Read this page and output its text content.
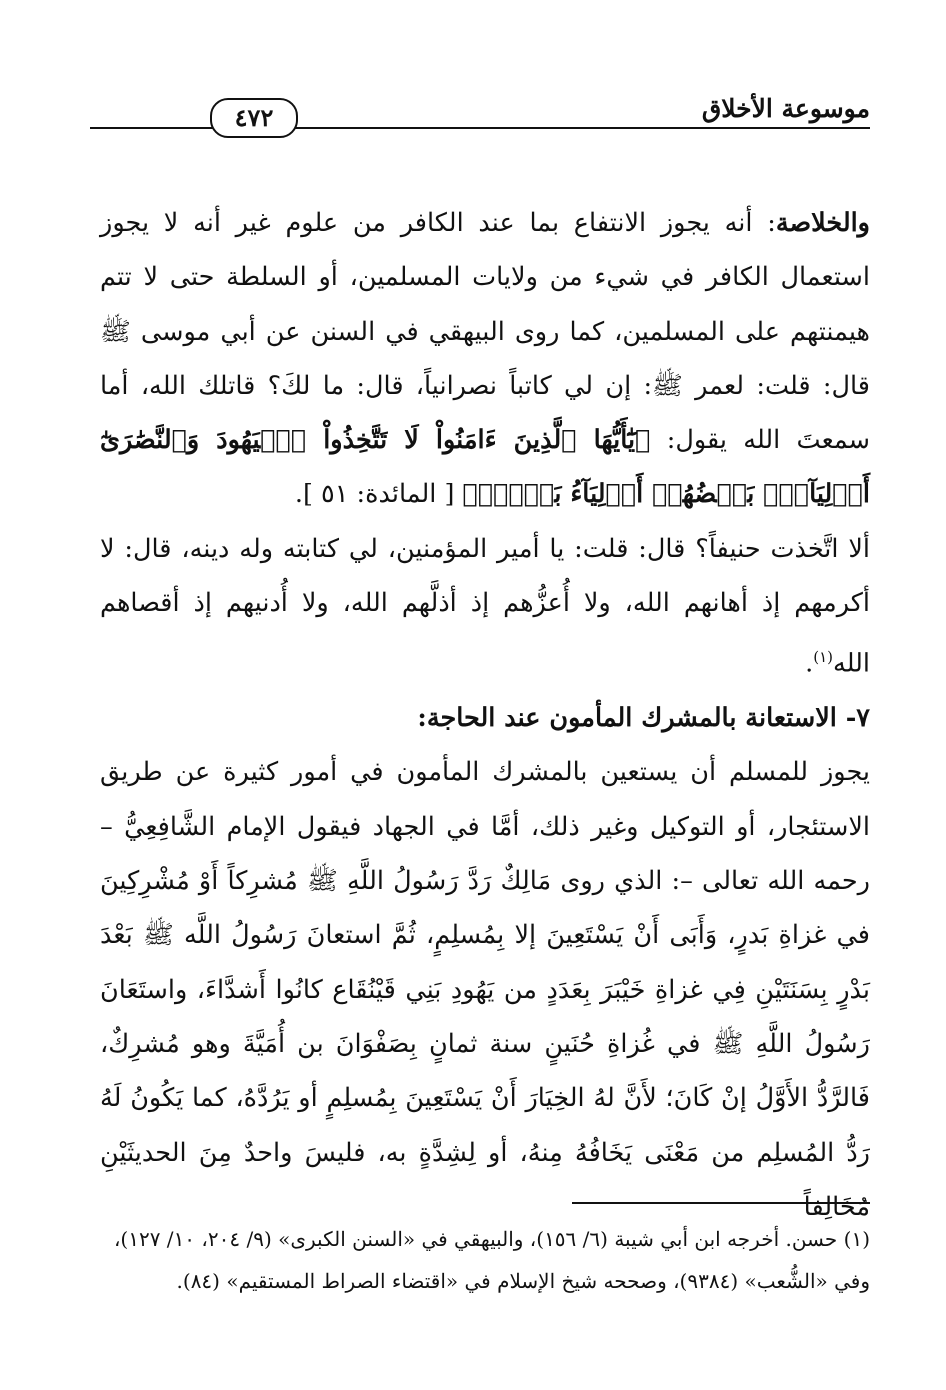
موسوعة الأخلاق
٤٧٢

والخلاصة: أنه يجوز الانتفاع بما عند الكافر من علوم غير أنه لا يجوز استعمال الكافر في شيء من ولايات المسلمين، أو السلطة حتى لا تتم هيمنتهم على المسلمين، كما روى البيهقي في السنن عن أبي موسى ﷺ قال: قلت: لعمر ﷺ: إن لي كاتباً نصرانياً، قال: ما لكَ؟ قاتلك الله، أما سمعتَ الله يقول: ﴿يَٰٓأَيُّهَا ٱلَّذِينَ ءَامَنُواْ لَا تَتَّخِذُواْ ٱلۡيَهُودَ وَٱلنَّصَٰرَىٰٓ أَوۡلِيَآءَۘ بَعۡضُهُمۡ أَوۡلِيَآءُ بَعۡضٖۚ﴾ [ المائدة: ٥١ ].

ألا اتَّخذت حنيفاً؟ قال: قلت: يا أمير المؤمنين، لي كتابته وله دينه، قال: لا أكرمهم إذ أهانهم الله، ولا أُعزُّهم إذ أذلَّهم الله، ولا أُدنيهم إذ أقصاهم الله$^{(١)}$.

٧- الاستعانة بالمشرك المأمون عند الحاجة:

يجوز للمسلم أن يستعين بالمشرك المأمون في أمور كثيرة عن طريق الاستئجار، أو التوكيل وغير ذلك، أمَّا في الجهاد فيقول الإمام الشَّافِعِيُّ – رحمه الله تعالى –: الذي روى مَالِكٌ رَدَّ رَسُولُ اللَّهِ ﷺ مُشرِكاً أَوْ مُشْرِكِينَ في غزاةِ بَدرٍ، وَأَبَى أَنْ يَسْتَعِينَ إلا بِمُسلِمٍ، ثُمَّ استعانَ رَسُولُ اللَّه ﷺ بَعْدَ بَدْرٍ بِسَنَتَيْنِ فِي غزاةِ خَيْبَرَ بِعَدَدٍ من يَهُودِ بَنِي قَيْنُقَاع كانُوا أَشدَّاءَ، واستَعَانَ رَسُولُ اللَّهِ ﷺ في غُزاةِ حُنَينٍ سنة ثمانٍ بِصَفْوَانَ بن أُمَيَّةَ وهو مُشرِكٌ، فَالرَّدُّ الأَوَّلُ إنْ كَانَ؛ لأَنَّ لهُ الخِيَارَ أَنْ يَسْتَعِينَ بِمُسلِمٍ أو يَرُدَّهُ، كما يَكُونُ لَهُ رَدُّ المُسلِم من مَعْنَى يَخَافُهُ مِنهُ، أو لِشِدَّةٍ به، فليسَ واحدٌ مِنَ الحديثَيْنِ مُخَالِفاً

(١) حسن. أخرجه ابن أبي شيبة (٦/ ١٥٦)، والبيهقي في «السنن الكبرى» (٩/ ٢٠٤، ١٠/ ١٢٧)،

وفي «الشُّعب» (٩٣٨٤)، وصححه شيخ الإسلام في «اقتضاء الصراط المستقيم» (٨٤).
